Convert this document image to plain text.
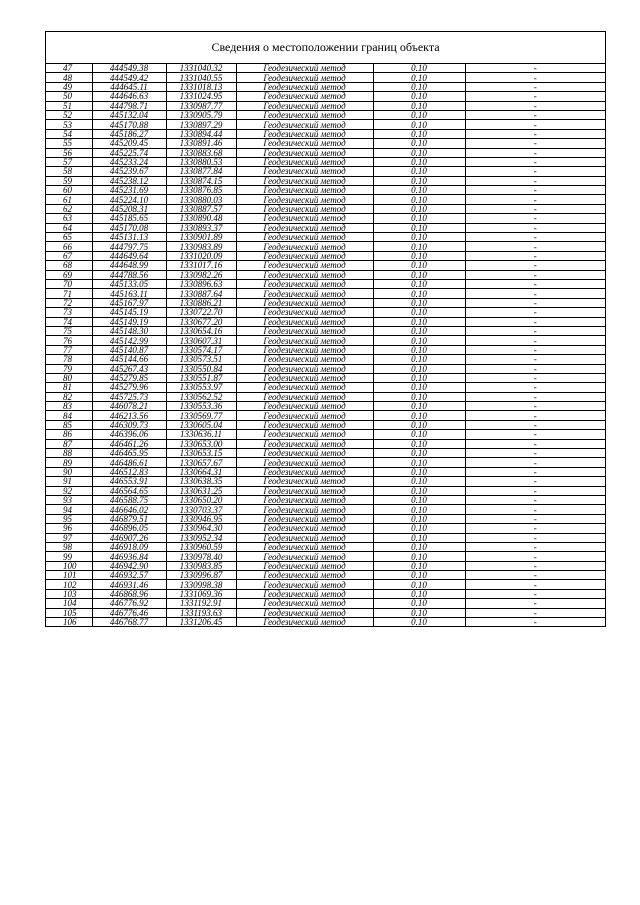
Сведения о местоположении границ объекта
47	444549.38	1331040.32	Геодезический метод	0.10	-
48	444549.42	1331040.55	Геодезический метод	0.10	-
49	444645.11	1331018.13	Геодезический метод	0.10	-
50	444646.63	1331024.95	Геодезический метод	0.10	-
51	444798.71	1330987.77	Геодезический метод	0.10	-
52	445132.04	1330905.79	Геодезический метод	0.10	-
53	445170.88	1330897.29	Геодезический метод	0.10	-
54	445186.27	1330894.44	Геодезический метод	0.10	-
55	445209.45	1330891.46	Геодезический метод	0.10	-
56	445225.74	1330883.68	Геодезический метод	0.10	-
57	445233.24	1330880.53	Геодезический метод	0.10	-
58	445239.67	1330877.84	Геодезический метод	0.10	-
59	445238.12	1330874.15	Геодезический метод	0.10	-
60	445231.69	1330876.85	Геодезический метод	0.10	-
61	445224.10	1330880.03	Геодезический метод	0.10	-
62	445208.31	1330887.57	Геодезический метод	0.10	-
63	445185.65	1330890.48	Геодезический метод	0.10	-
64	445170.08	1330893.37	Геодезический метод	0.10	-
65	445131.13	1330901.89	Геодезический метод	0.10	-
66	444797.75	1330983.89	Геодезический метод	0.10	-
67	444649.64	1331020.09	Геодезический метод	0.10	-
68	444648.99	1331017.16	Геодезический метод	0.10	-
69	444788.56	1330982.26	Геодезический метод	0.10	-
70	445133.05	1330896.63	Геодезический метод	0.10	-
71	445163.11	1330887.64	Геодезический метод	0.10	-
72	445167.97	1330886.21	Геодезический метод	0.10	-
73	445145.19	1330722.70	Геодезический метод	0.10	-
74	445149.19	1330677.20	Геодезический метод	0.10	-
75	445148.30	1330654.16	Геодезический метод	0.10	-
76	445142.99	1330607.31	Геодезический метод	0.10	-
77	445140.87	1330574.17	Геодезический метод	0.10	-
78	445144.66	1330573.51	Геодезический метод	0.10	-
79	445267.43	1330550.84	Геодезический метод	0.10	-
80	445279.85	1330551.87	Геодезический метод	0.10	-
81	445279.96	1330553.97	Геодезический метод	0.10	-
82	445725.73	1330562.52	Геодезический метод	0.10	-
83	446078.21	1330553.36	Геодезический метод	0.10	-
84	446213.56	1330569.77	Геодезический метод	0.10	-
85	446309.73	1330605.04	Геодезический метод	0.10	-
86	446396.06	1330636.11	Геодезический метод	0.10	-
87	446461.26	1330653.00	Геодезический метод	0.10	-
88	446465.95	1330653.15	Геодезический метод	0.10	-
89	446486.61	1330657.67	Геодезический метод	0.10	-
90	446512.83	1330664.31	Геодезический метод	0.10	-
91	446553.91	1330638.35	Геодезический метод	0.10	-
92	446564.65	1330631.25	Геодезический метод	0.10	-
93	446588.75	1330650.20	Геодезический метод	0.10	-
94	446646.02	1330703.37	Геодезический метод	0.10	-
95	446879.51	1330946.95	Геодезический метод	0.10	-
96	446896.05	1330964.30	Геодезический метод	0.10	-
97	446907.26	1330952.34	Геодезический метод	0.10	-
98	446918.09	1330960.59	Геодезический метод	0.10	-
99	446936.84	1330978.40	Геодезический метод	0.10	-
100	446942.90	1330983.85	Геодезический метод	0.10	-
101	446932.57	1330996.87	Геодезический метод	0.10	-
102	446931.46	1330998.38	Геодезический метод	0.10	-
103	446868.96	1331069.36	Геодезический метод	0.10	-
104	446776.92	1331192.91	Геодезический метод	0.10	-
105	446776.46	1331193.63	Геодезический метод	0.10	-
106	446768.77	1331206.45	Геодезический метод	0.10	-
